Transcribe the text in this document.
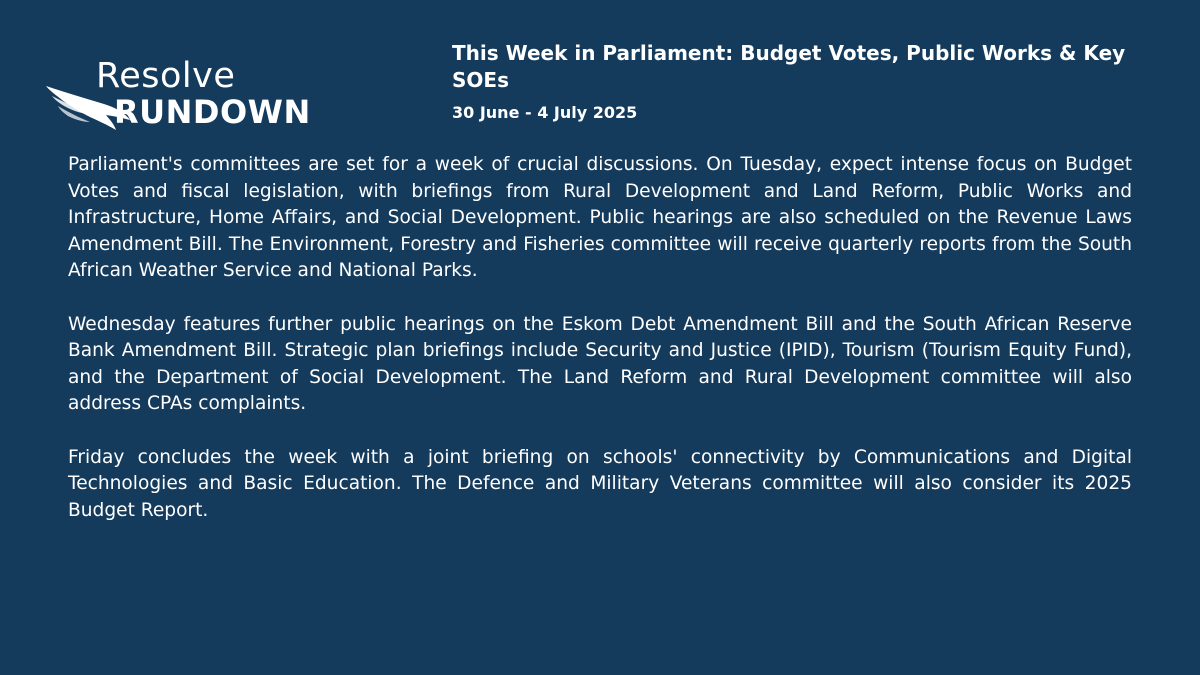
Resolve
RUNDOWN
This Week in Parliament: Budget Votes, Public Works & Key SOEs
30 June - 4 July 2025

Parliament's committees are set for a week of crucial discussions. On Tuesday, expect intense focus on Budget Votes and fiscal legislation, with briefings from Rural Development and Land Reform, Public Works and Infrastructure, Home Affairs, and Social Development. Public hearings are also scheduled on the Revenue Laws Amendment Bill. The Environment, Forestry and Fisheries committee will receive quarterly reports from the South African Weather Service and National Parks.

Wednesday features further public hearings on the Eskom Debt Amendment Bill and the South African Reserve Bank Amendment Bill. Strategic plan briefings include Security and Justice (IPID), Tourism (Tourism Equity Fund), and the Department of Social Development. The Land Reform and Rural Development committee will also address CPAs complaints.

Friday concludes the week with a joint briefing on schools' connectivity by Communications and Digital Technologies and Basic Education. The Defence and Military Veterans committee will also consider its 2025 Budget Report.
